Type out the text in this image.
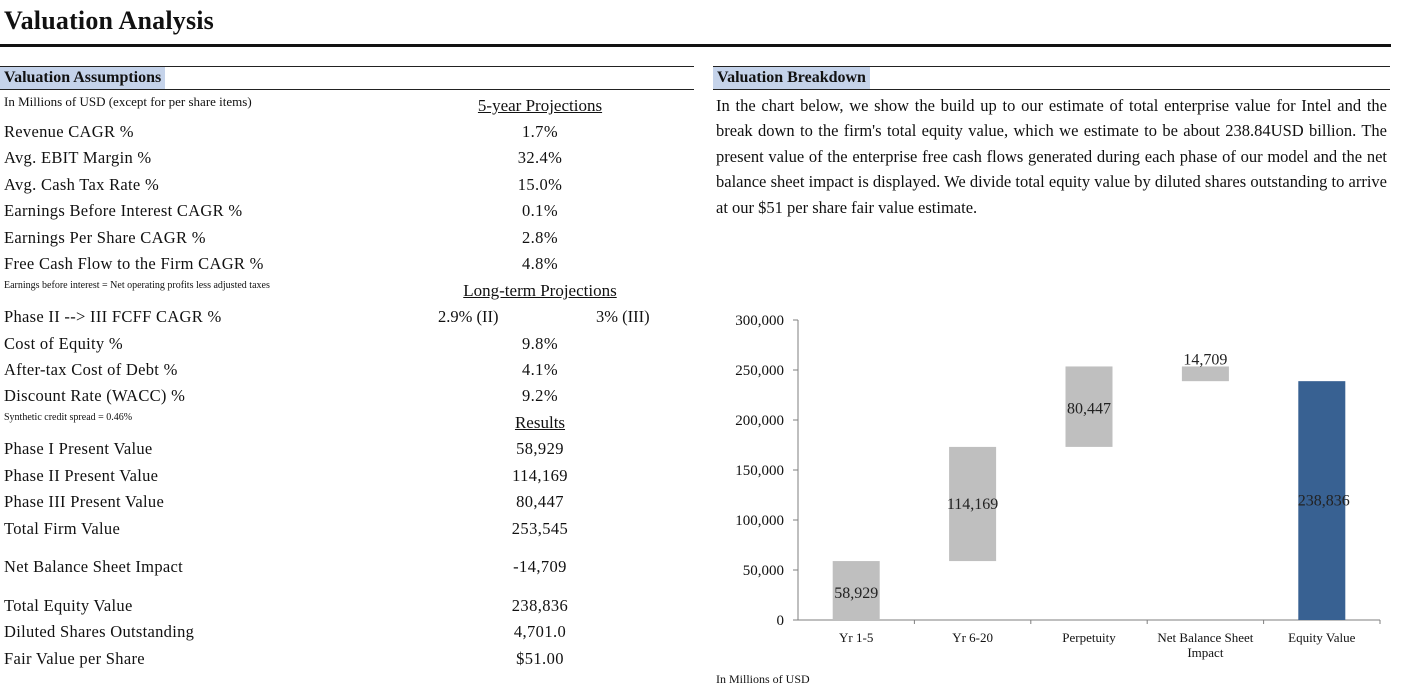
Valuation Analysis
Valuation Assumptions
In Millions of USD (except for per share items)	5-year Projections
Revenue CAGR %	1.7%
Avg. EBIT Margin %	32.4%
Avg. Cash Tax Rate %	15.0%
Earnings Before Interest CAGR %	0.1%
Earnings Per Share CAGR %	2.8%
Free Cash Flow to the Firm CAGR %	4.8%
Earnings before interest = Net operating profits less adjusted taxes	Long-term Projections
Phase II --> III FCFF CAGR %	2.9% (II)	3% (III)
Cost of Equity %	9.8%
After-tax Cost of Debt %	4.1%
Discount Rate (WACC) %	9.2%
Synthetic credit spread = 0.46%	Results
Phase I Present Value	58,929
Phase II Present Value	114,169
Phase III Present Value	80,447
Total Firm Value	253,545
Net Balance Sheet Impact	-14,709
Total Equity Value	238,836
Diluted Shares Outstanding	4,701.0
Fair Value per Share	$51.00
Valuation Breakdown
In the chart below, we show the build up to our estimate of total enterprise value for Intel and the break down to the firm's total equity value, which we estimate to be about 238.84USD billion. The present value of the enterprise free cash flows generated during each phase of our model and the net balance sheet impact is displayed. We divide total equity value by diluted shares outstanding to arrive at our $51 per share fair value estimate.
0
50,000
100,000
150,000
200,000
250,000
300,000
58,929
Yr 1-5
114,169
Yr 6-20
80,447
Perpetuity
14,709
Net Balance Sheet
Impact
238,836
Equity Value
In Millions of USD
